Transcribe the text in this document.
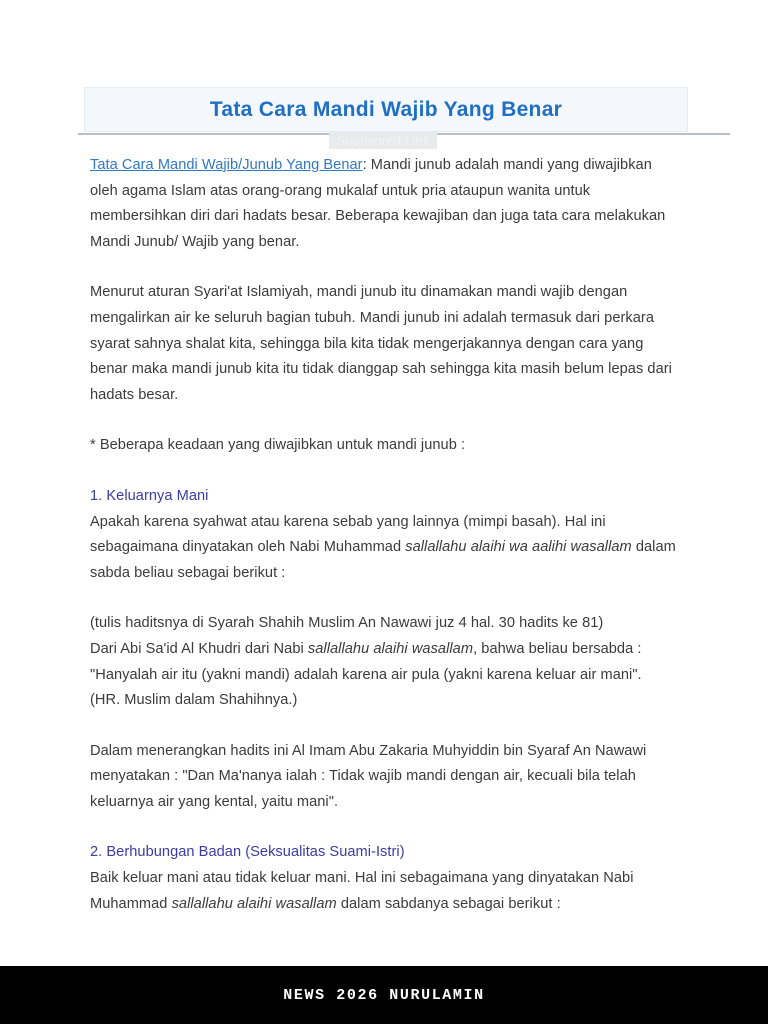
Tata Cara Mandi Wajib Yang Benar
Sponsored Link

Tata Cara Mandi Wajib/Junub Yang Benar: Mandi junub adalah mandi yang diwajibkan oleh agama Islam atas orang-orang mukalaf untuk pria ataupun wanita untuk membersihkan diri dari hadats besar. Beberapa kewajiban dan juga tata cara melakukan Mandi Junub/ Wajib yang benar.

Menurut aturan Syari'at Islamiyah, mandi junub itu dinamakan mandi wajib dengan mengalirkan air ke seluruh bagian tubuh. Mandi junub ini adalah termasuk dari perkara syarat sahnya shalat kita, sehingga bila kita tidak mengerjakannya dengan cara yang benar maka mandi junub kita itu tidak dianggap sah sehingga kita masih belum lepas dari hadats besar.

* Beberapa keadaan yang diwajibkan untuk mandi junub :

1. Keluarnya Mani

Apakah karena syahwat atau karena sebab yang lainnya (mimpi basah). Hal ini sebagaimana dinyatakan oleh Nabi Muhammad sallallahu alaihi wa aalihi wasallam dalam sabda beliau sebagai berikut :

(tulis haditsnya di Syarah Shahih Muslim An Nawawi juz 4 hal. 30 hadits ke 81)

Dari Abi Sa'id Al Khudri dari Nabi sallallahu alaihi wasallam, bahwa beliau bersabda :

"Hanyalah air itu (yakni mandi) adalah karena air pula (yakni karena keluar air mani".

(HR. Muslim dalam Shahihnya.)

Dalam menerangkan hadits ini Al Imam Abu Zakaria Muhyiddin bin Syaraf An Nawawi menyatakan : "Dan Ma'nanya ialah : Tidak wajib mandi dengan air, kecuali bila telah keluarnya air yang kental, yaitu mani".

2. Berhubungan Badan (Seksualitas Suami-Istri)

Baik keluar mani atau tidak keluar mani. Hal ini sebagaimana yang dinyatakan Nabi Muhammad sallallahu alaihi wasallam dalam sabdanya sebagai berikut :

NEWS 2026 NURULAMIN
